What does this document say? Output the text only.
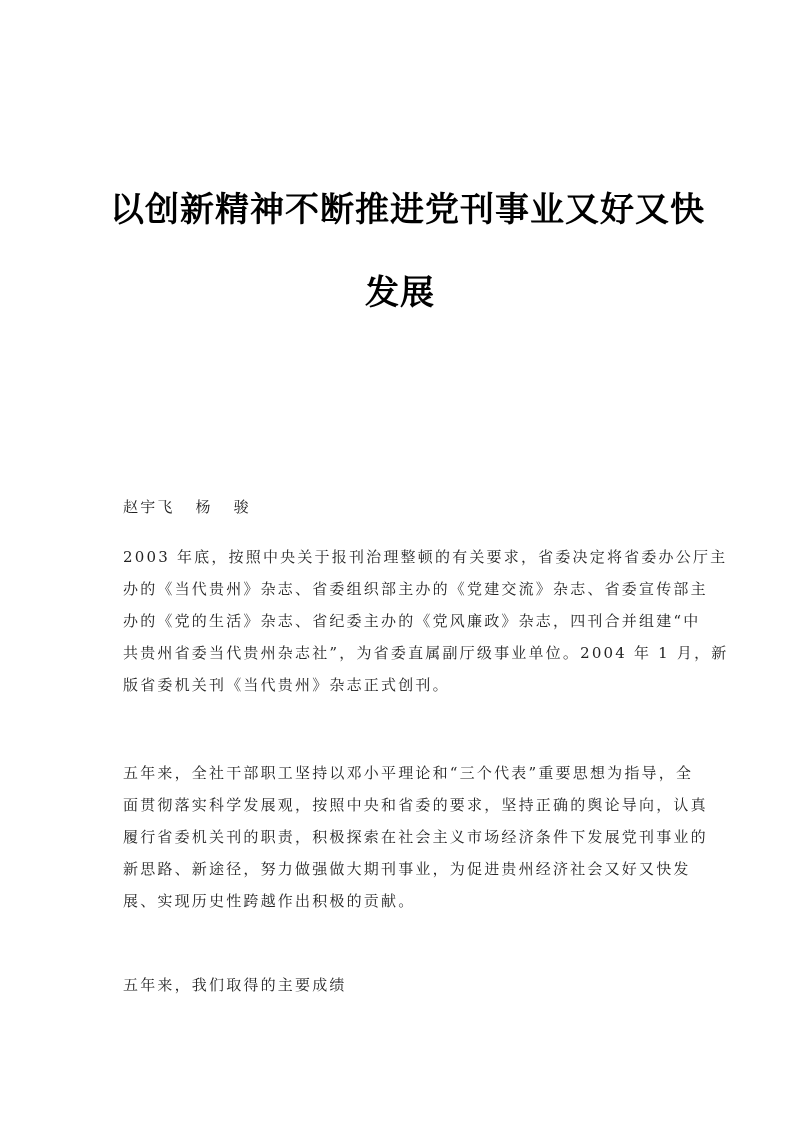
以创新精神不断推进党刊事业又好又快
发展
赵宇飞   杨   骏
2003 年底，按照中央关于报刊治理整顿的有关要求，省委决定将省委办公厅主
办的《当代贵州》杂志、省委组织部主办的《党建交流》杂志、省委宣传部主
办的《党的生活》杂志、省纪委主办的《党风廉政》杂志，四刊合并组建“中
共贵州省委当代贵州杂志社”，为省委直属副厅级事业单位。2004 年 1 月，新
版省委机关刊《当代贵州》杂志正式创刊。
五年来，全社干部职工坚持以邓小平理论和“三个代表”重要思想为指导，全
面贯彻落实科学发展观，按照中央和省委的要求，坚持正确的舆论导向，认真
履行省委机关刊的职责，积极探索在社会主义市场经济条件下发展党刊事业的
新思路、新途径，努力做强做大期刊事业，为促进贵州经济社会又好又快发
展、实现历史性跨越作出积极的贡献。
五年来，我们取得的主要成绩
